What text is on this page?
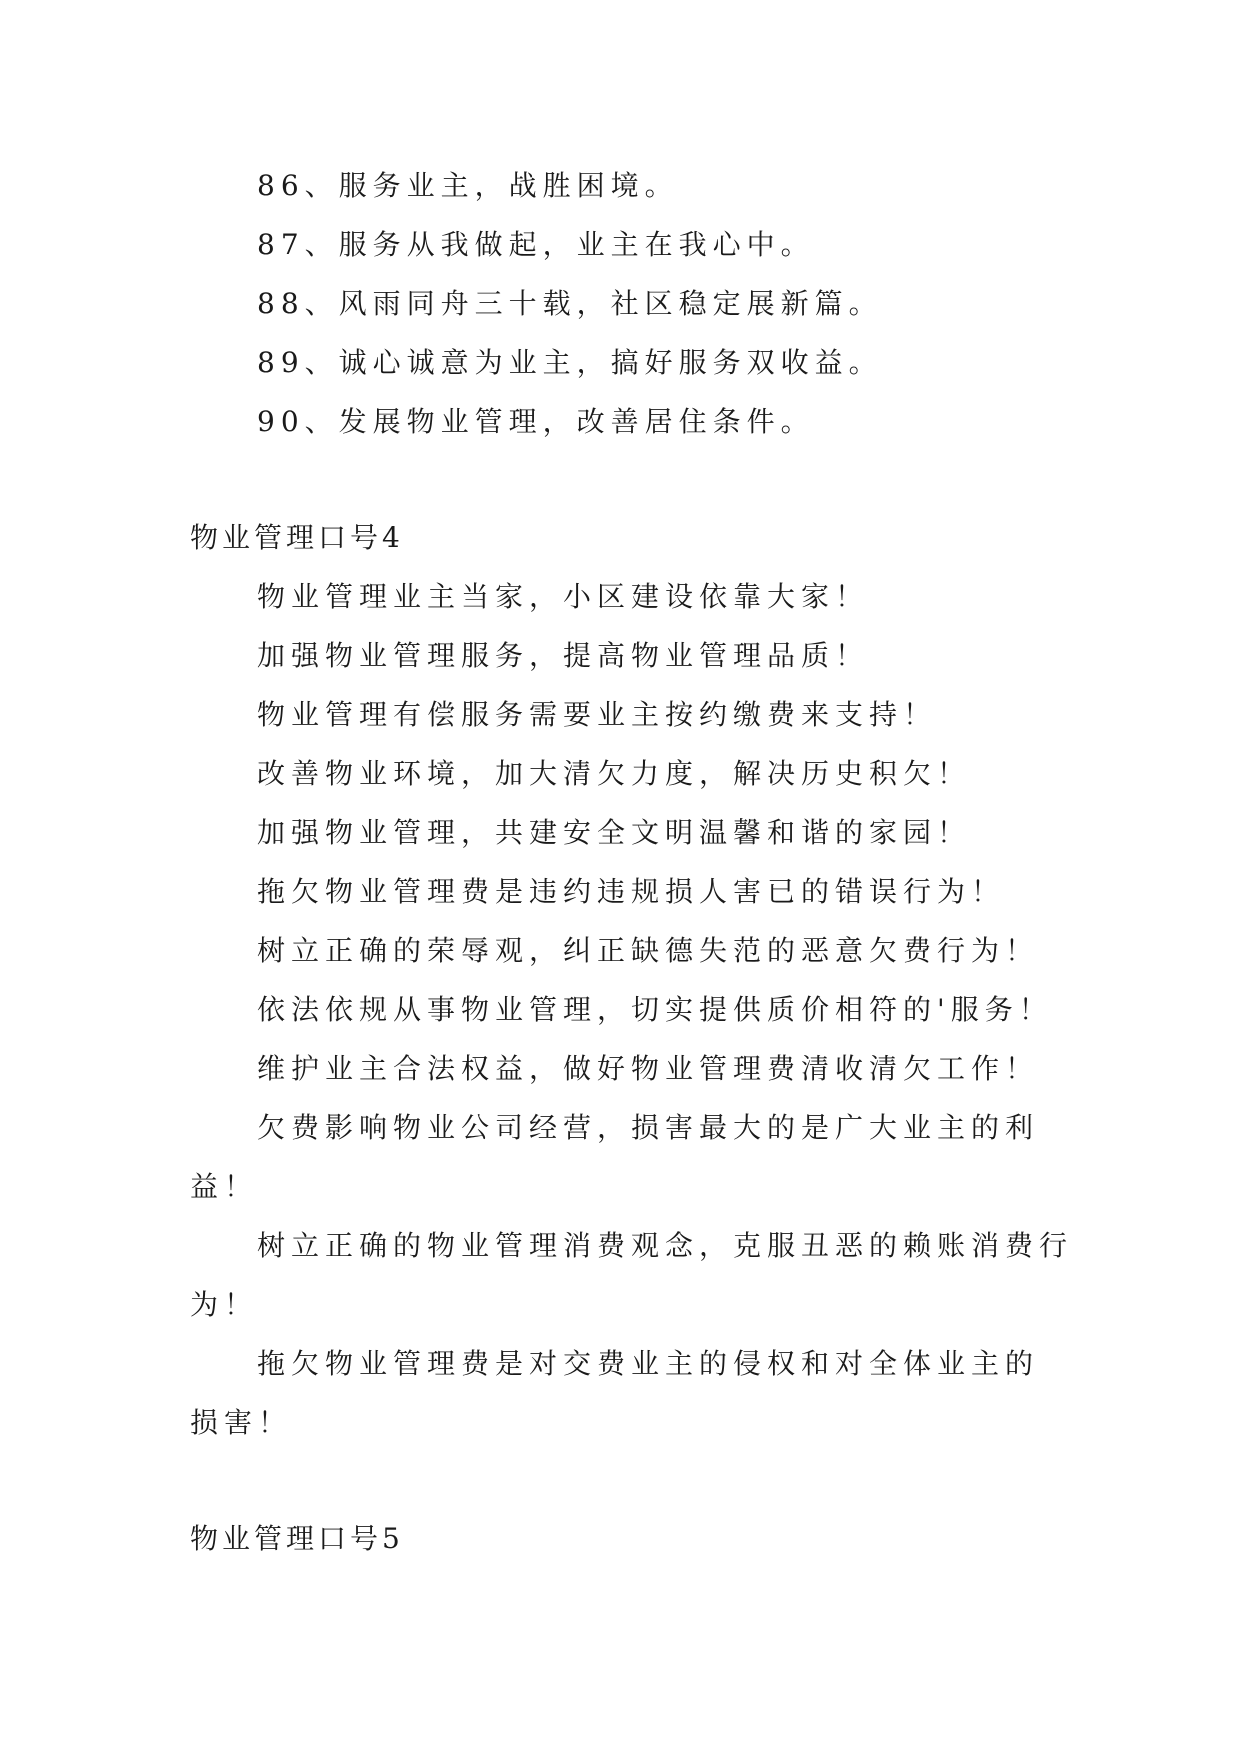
86、服务业主，战胜困境。
87、服务从我做起，业主在我心中。
88、风雨同舟三十载，社区稳定展新篇。
89、诚心诚意为业主，搞好服务双收益。
90、发展物业管理，改善居住条件。
物业管理口号4
物业管理业主当家，小区建设依靠大家！
加强物业管理服务，提高物业管理品质！
物业管理有偿服务需要业主按约缴费来支持！
改善物业环境，加大清欠力度，解决历史积欠！
加强物业管理，共建安全文明温馨和谐的家园！
拖欠物业管理费是违约违规损人害已的错误行为！
树立正确的荣辱观，纠正缺德失范的恶意欠费行为！
依法依规从事物业管理，切实提供质价相符的'服务！
维护业主合法权益，做好物业管理费清收清欠工作！
欠费影响物业公司经营，损害最大的是广大业主的利
益！
树立正确的物业管理消费观念，克服丑恶的赖账消费行
为！
拖欠物业管理费是对交费业主的侵权和对全体业主的
损害！
物业管理口号5
